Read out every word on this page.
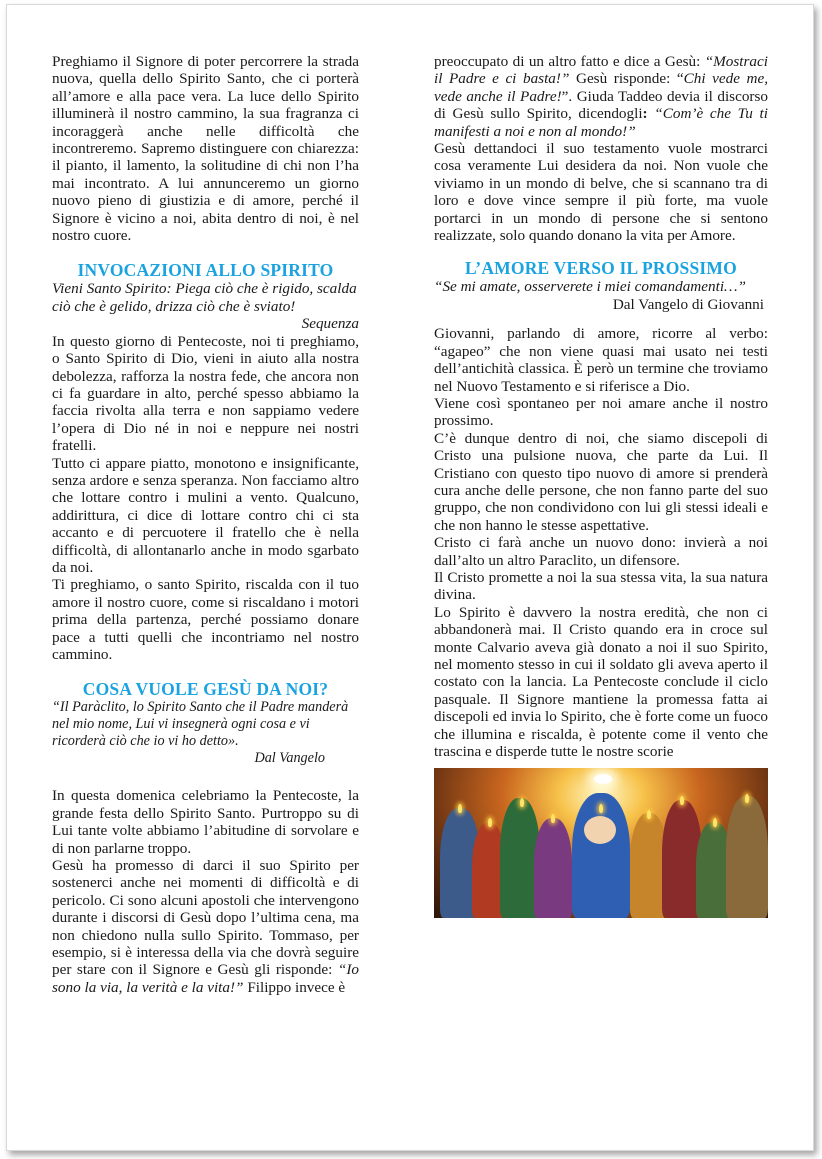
Preghiamo il Signore di poter percorrere la strada nuova, quella dello Spirito Santo, che ci porterà all’amore e alla pace vera. La luce dello Spirito illuminerà il nostro cammino, la sua fragranza ci incoraggerà anche nelle difficoltà che incontreremo. Sapremo distinguere con chiarezza: il pianto, il lamento, la solitudine di chi non l’ha mai incontrato. A lui annunceremo un giorno nuovo pieno di giustizia e di amore, perché il Signore è vicino a noi, abita dentro di noi, è nel nostro cuore.

INVOCAZIONI ALLO SPIRITO

Vieni Santo Spirito: Piega ciò che è rigido, scalda ciò che è gelido, drizza ciò che è sviato!

Sequenza

In questo giorno di Pentecoste, noi ti preghiamo, o Santo Spirito di Dio, vieni in aiuto alla nostra debolezza, rafforza la nostra fede, che ancora non ci fa guardare in alto, perché spesso abbiamo la faccia rivolta alla terra e non sappiamo vedere l’opera di Dio né in noi e neppure nei nostri fratelli.

Tutto ci appare piatto, monotono e insignificante, senza ardore e senza speranza. Non facciamo altro che lottare contro i mulini a vento. Qualcuno, addirittura, ci dice di lottare contro chi ci sta accanto e di percuotere il fratello che è nella difficoltà, di allontanarlo anche in modo sgarbato da noi.

Ti preghiamo, o santo Spirito, riscalda con il tuo amore il nostro cuore, come si riscaldano i motori prima della partenza, perché possiamo donare pace a tutti quelli che incontriamo nel nostro cammino.

COSA VUOLE GESÙ DA NOI?

“Il Paràclito, lo Spirito Santo che il Padre manderà nel mio nome, Lui vi insegnerà ogni cosa e vi ricorderà ciò che io vi ho detto».

Dal Vangelo

In questa domenica celebriamo la Pentecoste, la grande festa dello Spirito Santo. Purtroppo su di Lui tante volte abbiamo l’abitudine di sorvolare e di non parlarne troppo.

Gesù ha promesso di darci il suo Spirito per sostenerci anche nei momenti di difficoltà e di pericolo. Ci sono alcuni apostoli che intervengono durante i discorsi di Gesù dopo l’ultima cena, ma non chiedono nulla sullo Spirito. Tommaso, per esempio, si è interessa della via che dovrà seguire per stare con il Signore e Gesù gli risponde: “Io sono la via, la verità e la vita!” Filippo invece è

preoccupato di un altro fatto e dice a Gesù: “Mostraci il Padre e ci basta!” Gesù risponde: “Chi vede me, vede anche il Padre!”. Giuda Taddeo devia il discorso di Gesù sullo Spirito, dicendogli: “Com’è che Tu ti manifesti a noi e non al mondo!”

Gesù dettandoci il suo testamento vuole mostrarci cosa veramente Lui desidera da noi. Non vuole che viviamo in un mondo di belve, che si scannano tra di loro e dove vince sempre il più forte, ma vuole portarci in un mondo di persone che si sentono realizzate, solo quando donano la vita per Amore.

L’AMORE VERSO IL PROSSIMO

“Se mi amate, osserverete i miei comandamenti…”

Dal Vangelo di Giovanni

Giovanni, parlando di amore, ricorre al verbo: “agapeo” che non viene quasi mai usato nei testi dell’antichità classica. È però un termine che troviamo nel Nuovo Testamento e si riferisce a Dio.

Viene così spontaneo per noi amare anche il nostro prossimo.

C’è dunque dentro di noi, che siamo discepoli di Cristo una pulsione nuova, che parte da Lui. Il Cristiano con questo tipo nuovo di amore si prenderà cura anche delle persone, che non fanno parte del suo gruppo, che non condividono con lui gli stessi ideali e che non hanno le stesse aspettative.

Cristo ci farà anche un nuovo dono: invierà a noi dall’alto un altro Paraclito, un difensore.

Il Cristo promette a noi la sua stessa vita, la sua natura divina.

Lo Spirito è davvero la nostra eredità, che non ci abbandonerà mai. Il Cristo quando era in croce sul monte Calvario aveva già donato a noi il suo Spirito, nel momento stesso in cui il soldato gli aveva aperto il costato con la lancia. La Pentecoste conclude il ciclo pasquale. Il Signore mantiene la promessa fatta ai discepoli ed invia lo Spirito, che è forte come un fuoco che illumina e riscalda, è potente come il vento che trascina e disperde tutte le nostre scorie
